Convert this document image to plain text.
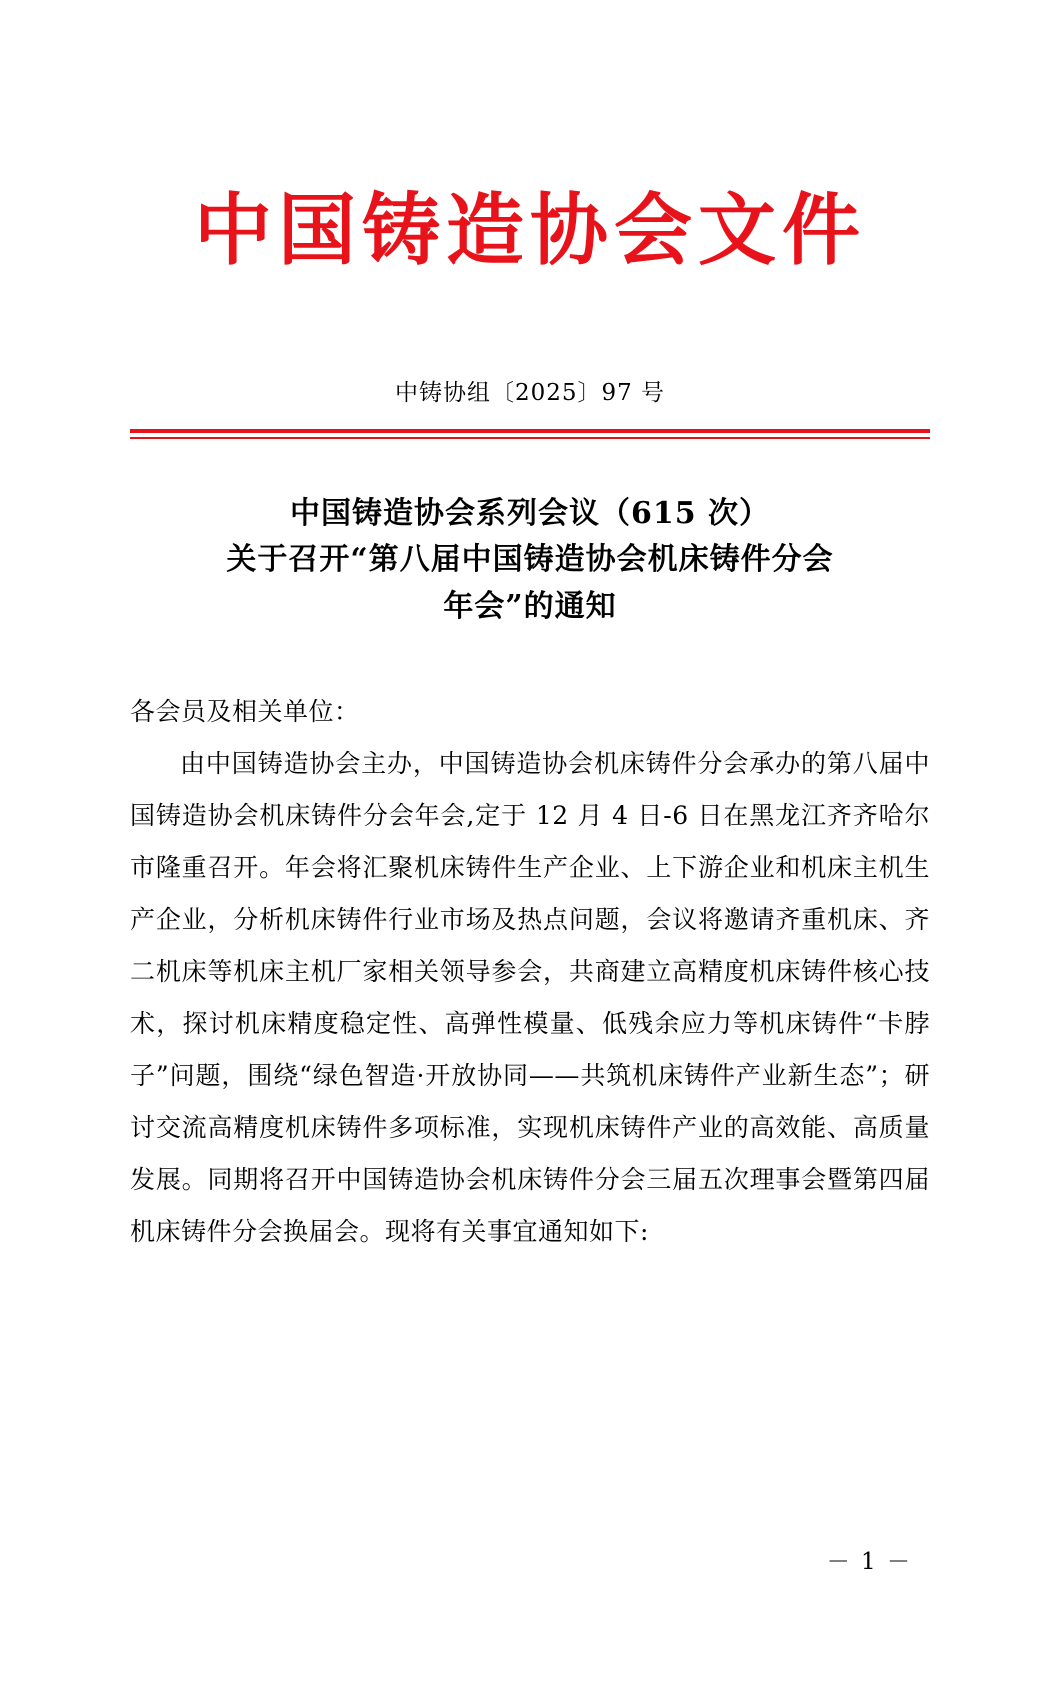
中国铸造协会文件
中铸协组〔2025〕97 号
中国铸造协会系列会议（615 次）
关于召开“第八届中国铸造协会机床铸件分会
年会”的通知

各会员及相关单位：

由中国铸造协会主办，中国铸造协会机床铸件分会承办的第八届中国铸造协会机床铸件分会年会,定于 12 月 4 日-6 日在黑龙江齐齐哈尔市隆重召开。年会将汇聚机床铸件生产企业、上下游企业和机床主机生产企业，分析机床铸件行业市场及热点问题，会议将邀请齐重机床、齐二机床等机床主机厂家相关领导参会，共商建立高精度机床铸件核心技术，探讨机床精度稳定性、高弹性模量、低残余应力等机床铸件“卡脖子”问题，围绕“绿色智造·开放协同——共筑机床铸件产业新生态”；研讨交流高精度机床铸件多项标准，实现机床铸件产业的高效能、高质量发展。同期将召开中国铸造协会机床铸件分会三届五次理事会暨第四届机床铸件分会换届会。现将有关事宜通知如下:

－ 1 －
